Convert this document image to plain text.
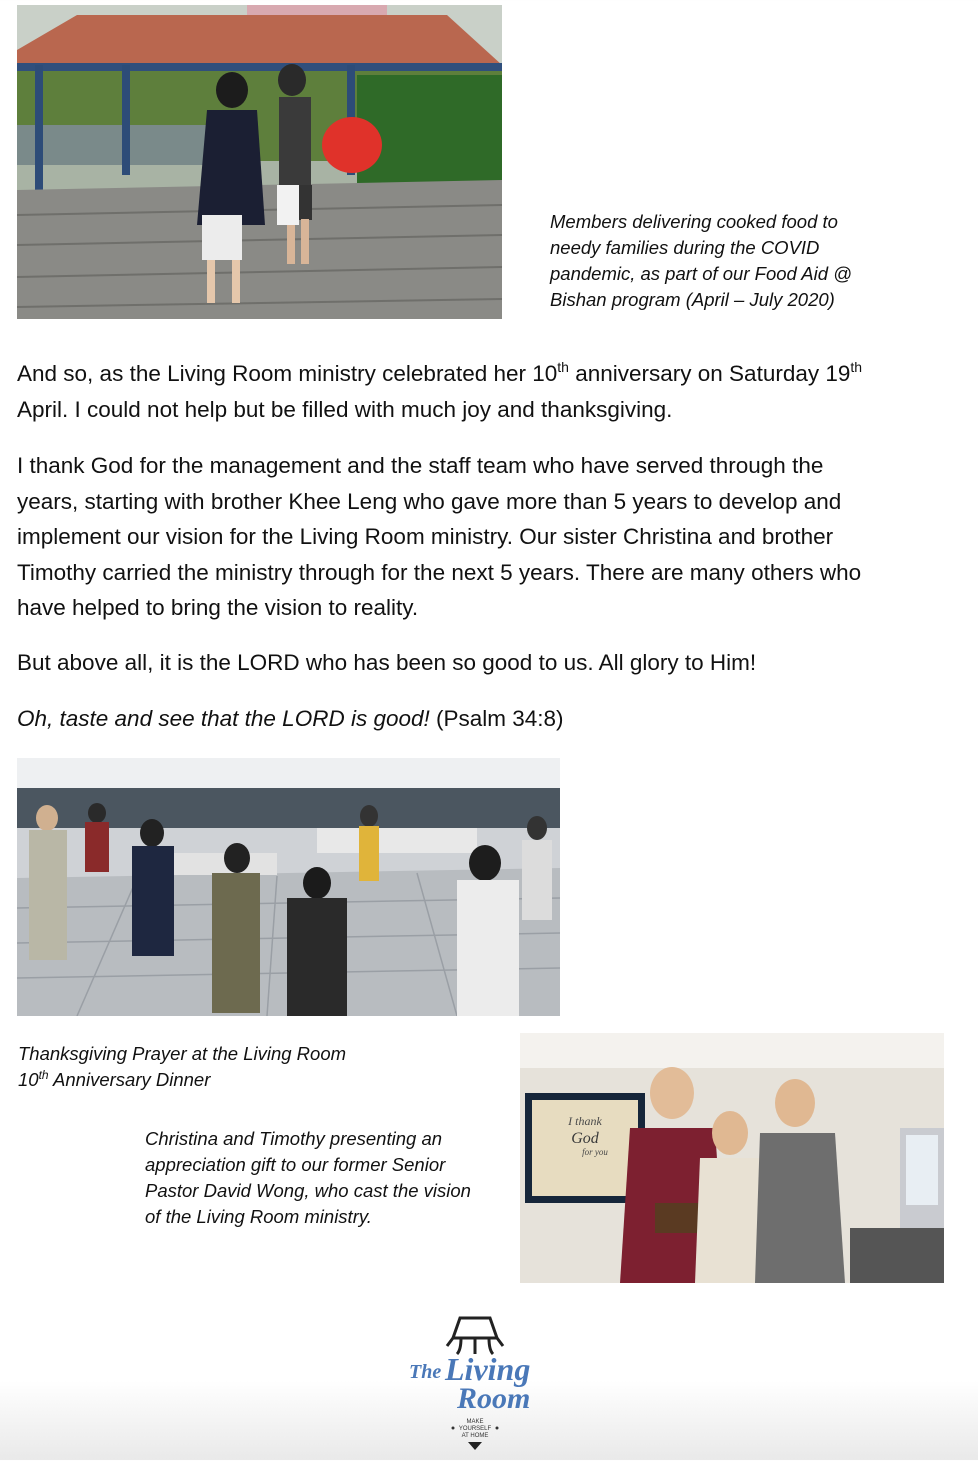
Members delivering cooked food to
needy families during the COVID
pandemic, as part of our Food Aid @
Bishan program (April – July 2020)
And so, as the Living Room ministry celebrated her 10th anniversary on Saturday 19th
April. I could not help but be filled with much joy and thanksgiving.
I thank God for the management and the staff team who have served through the
years, starting with brother Khee Leng who gave more than 5 years to develop and
implement our vision for the Living Room ministry. Our sister Christina and brother
Timothy carried the ministry through for the next 5 years. There are many others who
have helped to bring the vision to reality.
But above all, it is the LORD who has been so good to us. All glory to Him!
Oh, taste and see that the LORD is good! (Psalm 34:8)
Thanksgiving Prayer at the Living Room
10th Anniversary Dinner
I thank
God
for you
Christina and Timothy presenting an
appreciation gift to our former Senior
Pastor David Wong, who cast the vision
of the Living Room ministry.
The Living
Room
MAKE
YOURSELF
AT HOME
